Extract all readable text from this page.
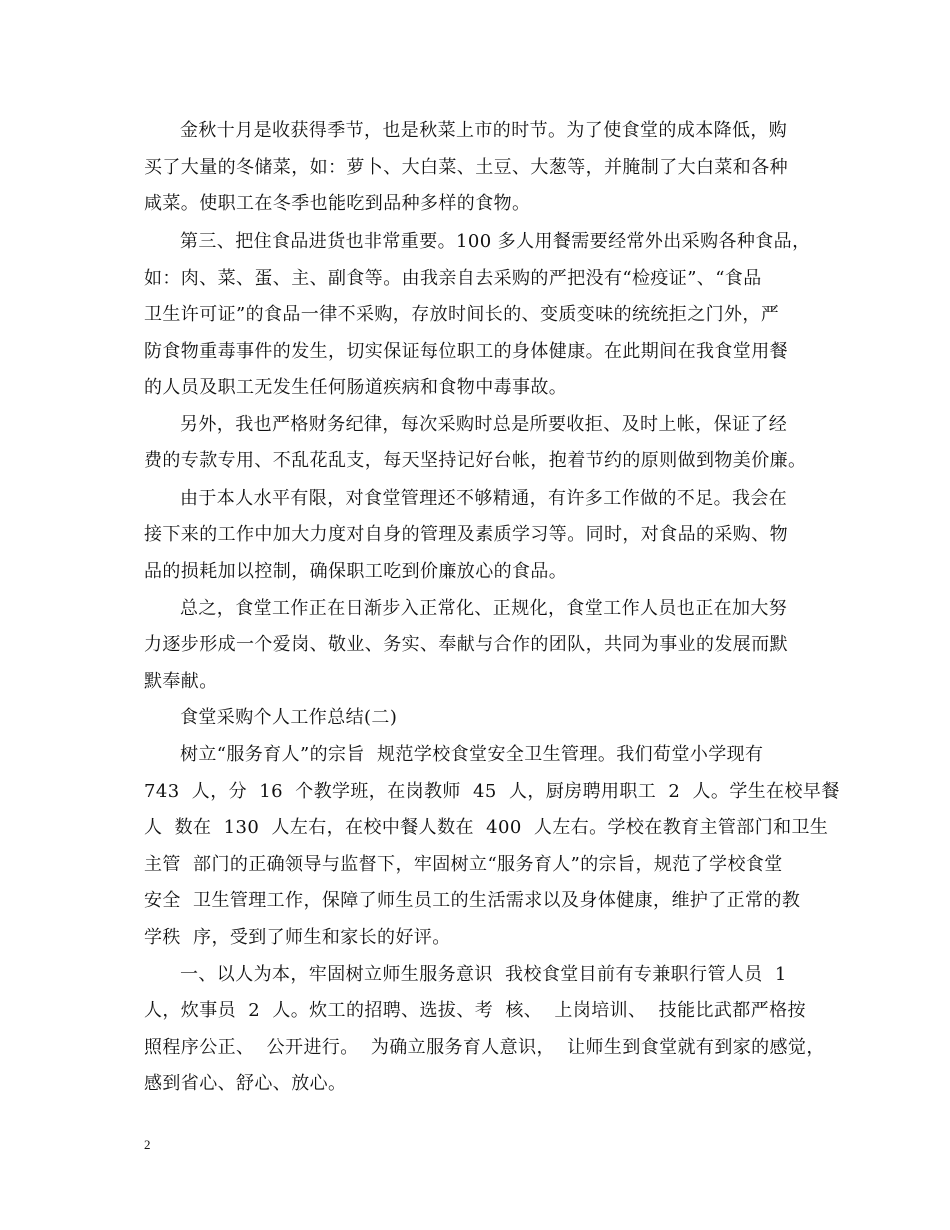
金秋十月是收获得季节，也是秋菜上市的时节。为了使食堂的成本降低，购
买了大量的冬储菜，如：萝卜、大白菜、土豆、大葱等，并腌制了大白菜和各种
咸菜。使职工在冬季也能吃到品种多样的食物。
第三、把住食品进货也非常重要。100 多人用餐需要经常外出采购各种食品，
如：肉、菜、蛋、主、副食等。由我亲自去采购的严把没有“检疫证”、“食品
卫生许可证”的食品一律不采购，存放时间长的、变质变味的统统拒之门外，严
防食物重毒事件的发生，切实保证每位职工的身体健康。在此期间在我食堂用餐
的人员及职工无发生任何肠道疾病和食物中毒事故。
另外，我也严格财务纪律，每次采购时总是所要收拒、及时上帐，保证了经
费的专款专用、不乱花乱支，每天坚持记好台帐，抱着节约的原则做到物美价廉。
由于本人水平有限，对食堂管理还不够精通，有许多工作做的不足。我会在
接下来的工作中加大力度对自身的管理及素质学习等。同时，对食品的采购、物
品的损耗加以控制，确保职工吃到价廉放心的食品。
总之，食堂工作正在日渐步入正常化、正规化，食堂工作人员也正在加大努
力逐步形成一个爱岗、敬业、务实、奉献与合作的团队，共同为事业的发展而默
默奉献。
食堂采购个人工作总结(二)
树立“服务育人”的宗旨  规范学校食堂安全卫生管理。我们荀堂小学现有
743  人，分  16  个教学班，在岗教师  45  人，厨房聘用职工  2  人。学生在校早餐
人  数在  130  人左右，在校中餐人数在  400  人左右。学校在教育主管部门和卫生
主管  部门的正确领导与监督下，牢固树立“服务育人”的宗旨，规范了学校食堂
安全  卫生管理工作，保障了师生员工的生活需求以及身体健康，维护了正常的教
学秩  序，受到了师生和家长的好评。
一、以人为本，牢固树立师生服务意识  我校食堂目前有专兼职行管人员  1
人，炊事员  2  人。炊工的招聘、选拔、考  核、  上岗培训、  技能比武都严格按
照程序公正、  公开进行。  为确立服务育人意识，  让师生到食堂就有到家的感觉，
感到省心、舒心、放心。
2
